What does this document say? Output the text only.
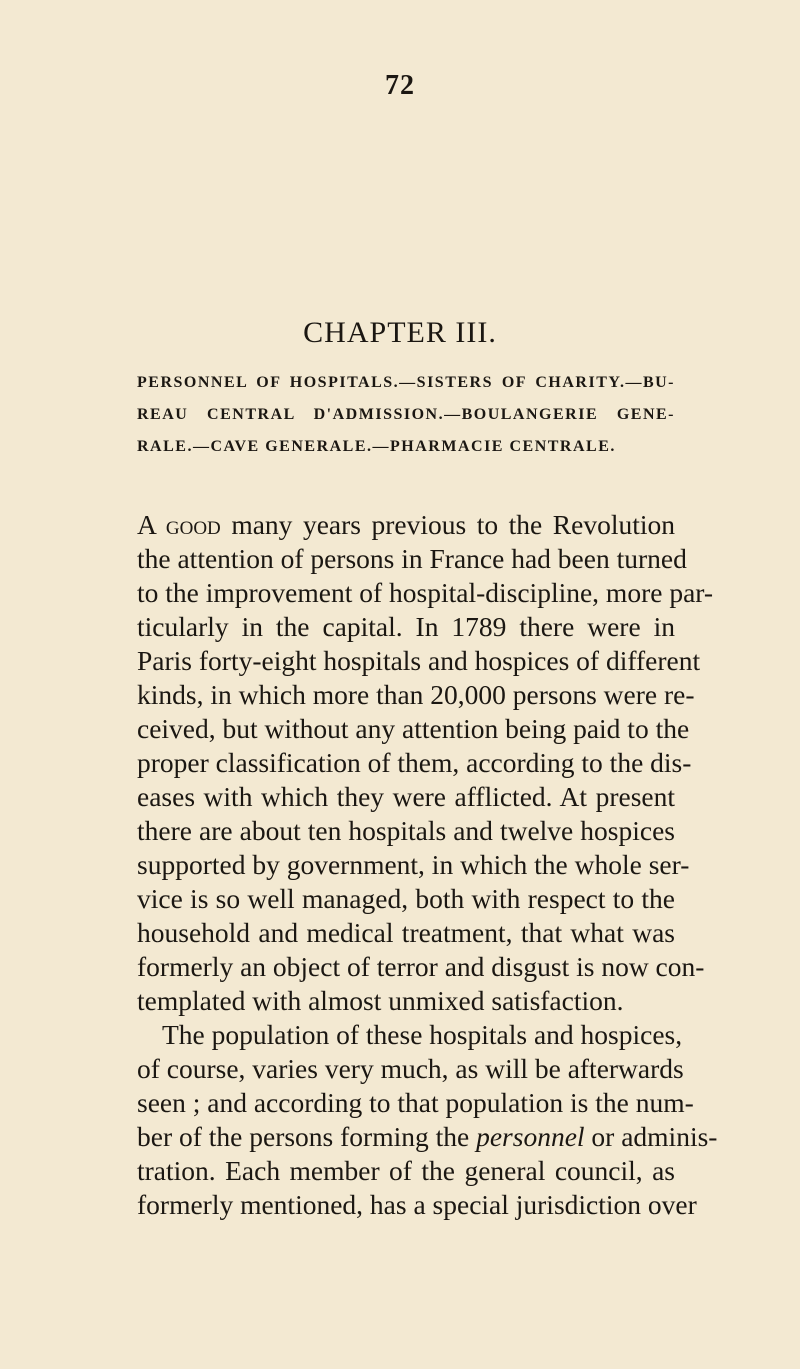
72
CHAPTER III.
PERSONNEL OF HOSPITALS.—SISTERS OF CHARITY.—BU-
REAU CENTRAL D'ADMISSION.—BOULANGERIE GENE-
RALE.—CAVE GENERALE.—PHARMACIE CENTRALE.
A good many years previous to the Revolution
the attention of persons in France had been turned
to the improvement of hospital-discipline, more par-
ticularly in the capital. In 1789 there were in
Paris forty-eight hospitals and hospices of different
kinds, in which more than 20,000 persons were re-
ceived, but without any attention being paid to the
proper classification of them, according to the dis-
eases with which they were afflicted. At present
there are about ten hospitals and twelve hospices
supported by government, in which the whole ser-
vice is so well managed, both with respect to the
household and medical treatment, that what was
formerly an object of terror and disgust is now con-
templated with almost unmixed satisfaction.
The population of these hospitals and hospices,
of course, varies very much, as will be afterwards
seen ; and according to that population is the num-
ber of the persons forming the personnel or adminis-
tration. Each member of the general council, as
formerly mentioned, has a special jurisdiction over
